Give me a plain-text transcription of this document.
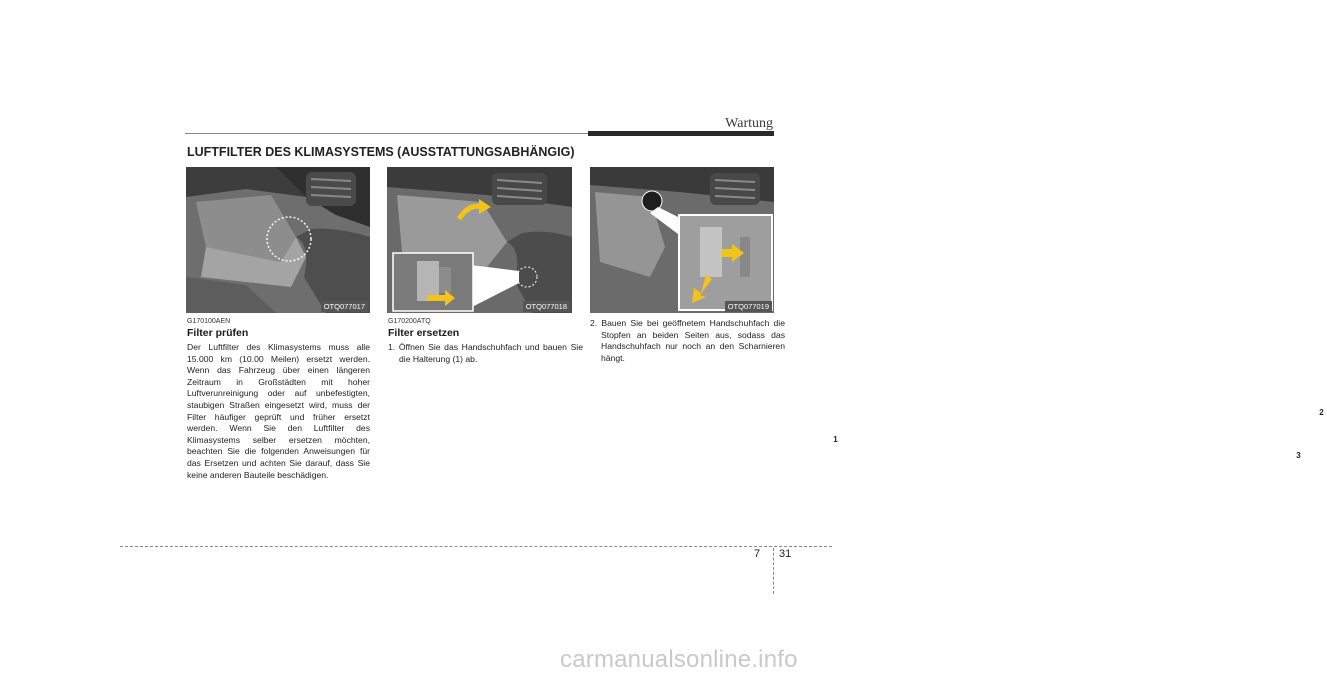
Wartung
LUFTFILTER DES KLIMASYSTEMS (AUSSTATTUNGSABHÄNGIG)
OTQ077017
1
OTQ077018
2
3
OTQ077019
G170100AEN
Filter prüfen
Der Luftfilter des Klimasystems muss alle 15.000 km (10.00 Meilen) ersetzt werden. Wenn das Fahrzeug über einen längeren Zeitraum in Großstädten mit hoher Luftverunreinigung oder auf unbefestigten, staubigen Straßen eingesetzt wird, muss der Filter häufiger geprüft und früher ersetzt werden. Wenn Sie den Luftfilter des Klimasystems selber ersetzen möchten, beachten Sie die folgenden Anweisungen für das Ersetzen und achten Sie darauf, dass Sie keine anderen Bauteile beschädigen.
G170200ATQ
Filter ersetzen
1. Öffnen Sie das Handschuhfach und bauen Sie die Halterung (1) ab.
2. Bauen Sie bei geöffnetem Handschuhfach die Stopfen an beiden Seiten aus, sodass das Handschuhfach nur noch an den Scharnieren hängt.
7 31
carmanualsonline.info
